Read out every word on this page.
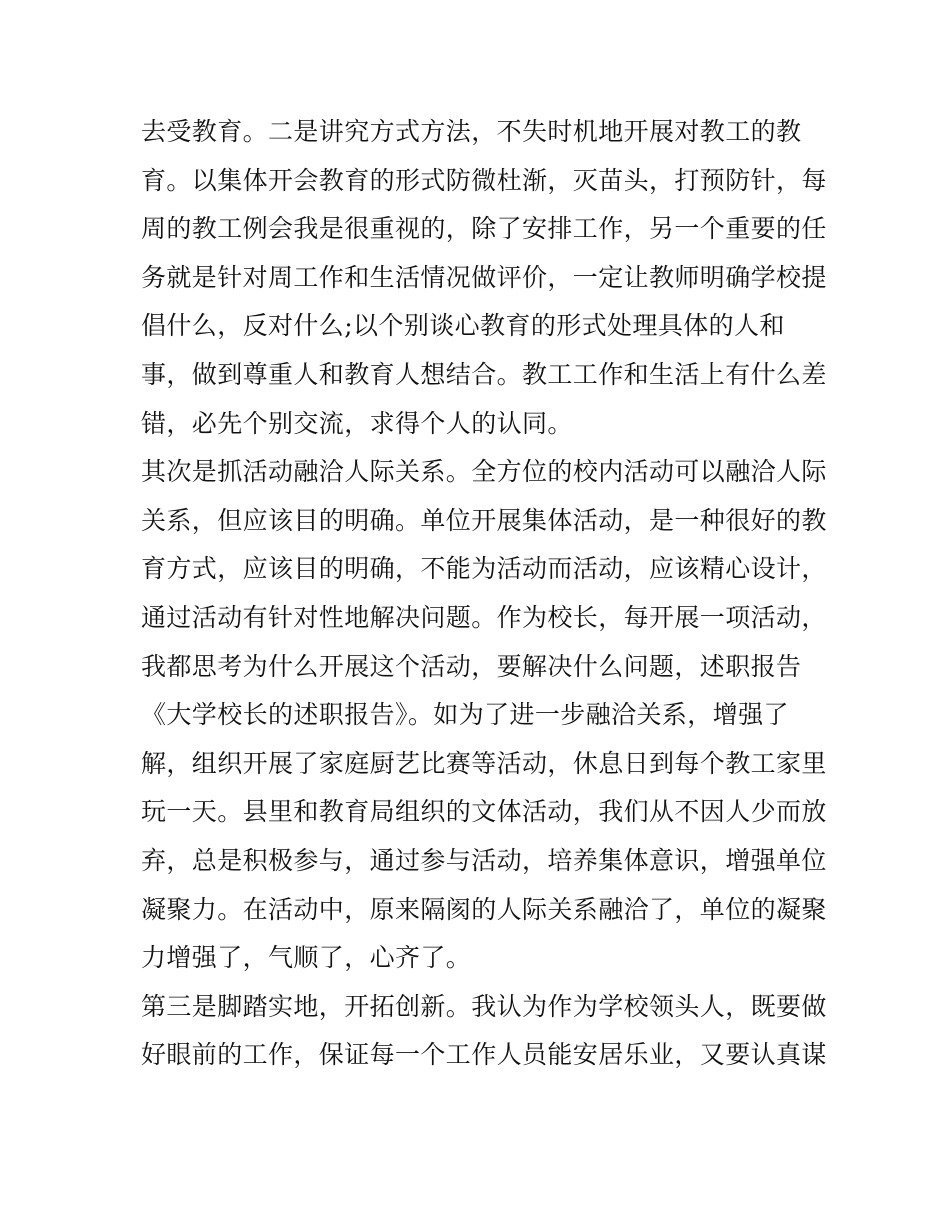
去受教育。二是讲究方式方法，不失时机地开展对教工的教
育。以集体开会教育的形式防微杜渐，灭苗头，打预防针，每
周的教工例会我是很重视的，除了安排工作，另一个重要的任
务就是针对周工作和生活情况做评价，一定让教师明确学校提
倡什么，反对什么;以个别谈心教育的形式处理具体的人和
事，做到尊重人和教育人想结合。教工工作和生活上有什么差
错，必先个别交流，求得个人的认同。
其次是抓活动融洽人际关系。全方位的校内活动可以融洽人际
关系，但应该目的明确。单位开展集体活动，是一种很好的教
育方式，应该目的明确，不能为活动而活动，应该精心设计，
通过活动有针对性地解决问题。作为校长，每开展一项活动，
我都思考为什么开展这个活动，要解决什么问题，述职报告
《大学校长的述职报告》。如为了进一步融洽关系，增强了
解，组织开展了家庭厨艺比赛等活动，休息日到每个教工家里
玩一天。县里和教育局组织的文体活动，我们从不因人少而放
弃，总是积极参与，通过参与活动，培养集体意识，增强单位
凝聚力。在活动中，原来隔阂的人际关系融洽了，单位的凝聚
力增强了，气顺了，心齐了。
第三是脚踏实地，开拓创新。我认为作为学校领头人，既要做
好眼前的工作，保证每一个工作人员能安居乐业，又要认真谋
